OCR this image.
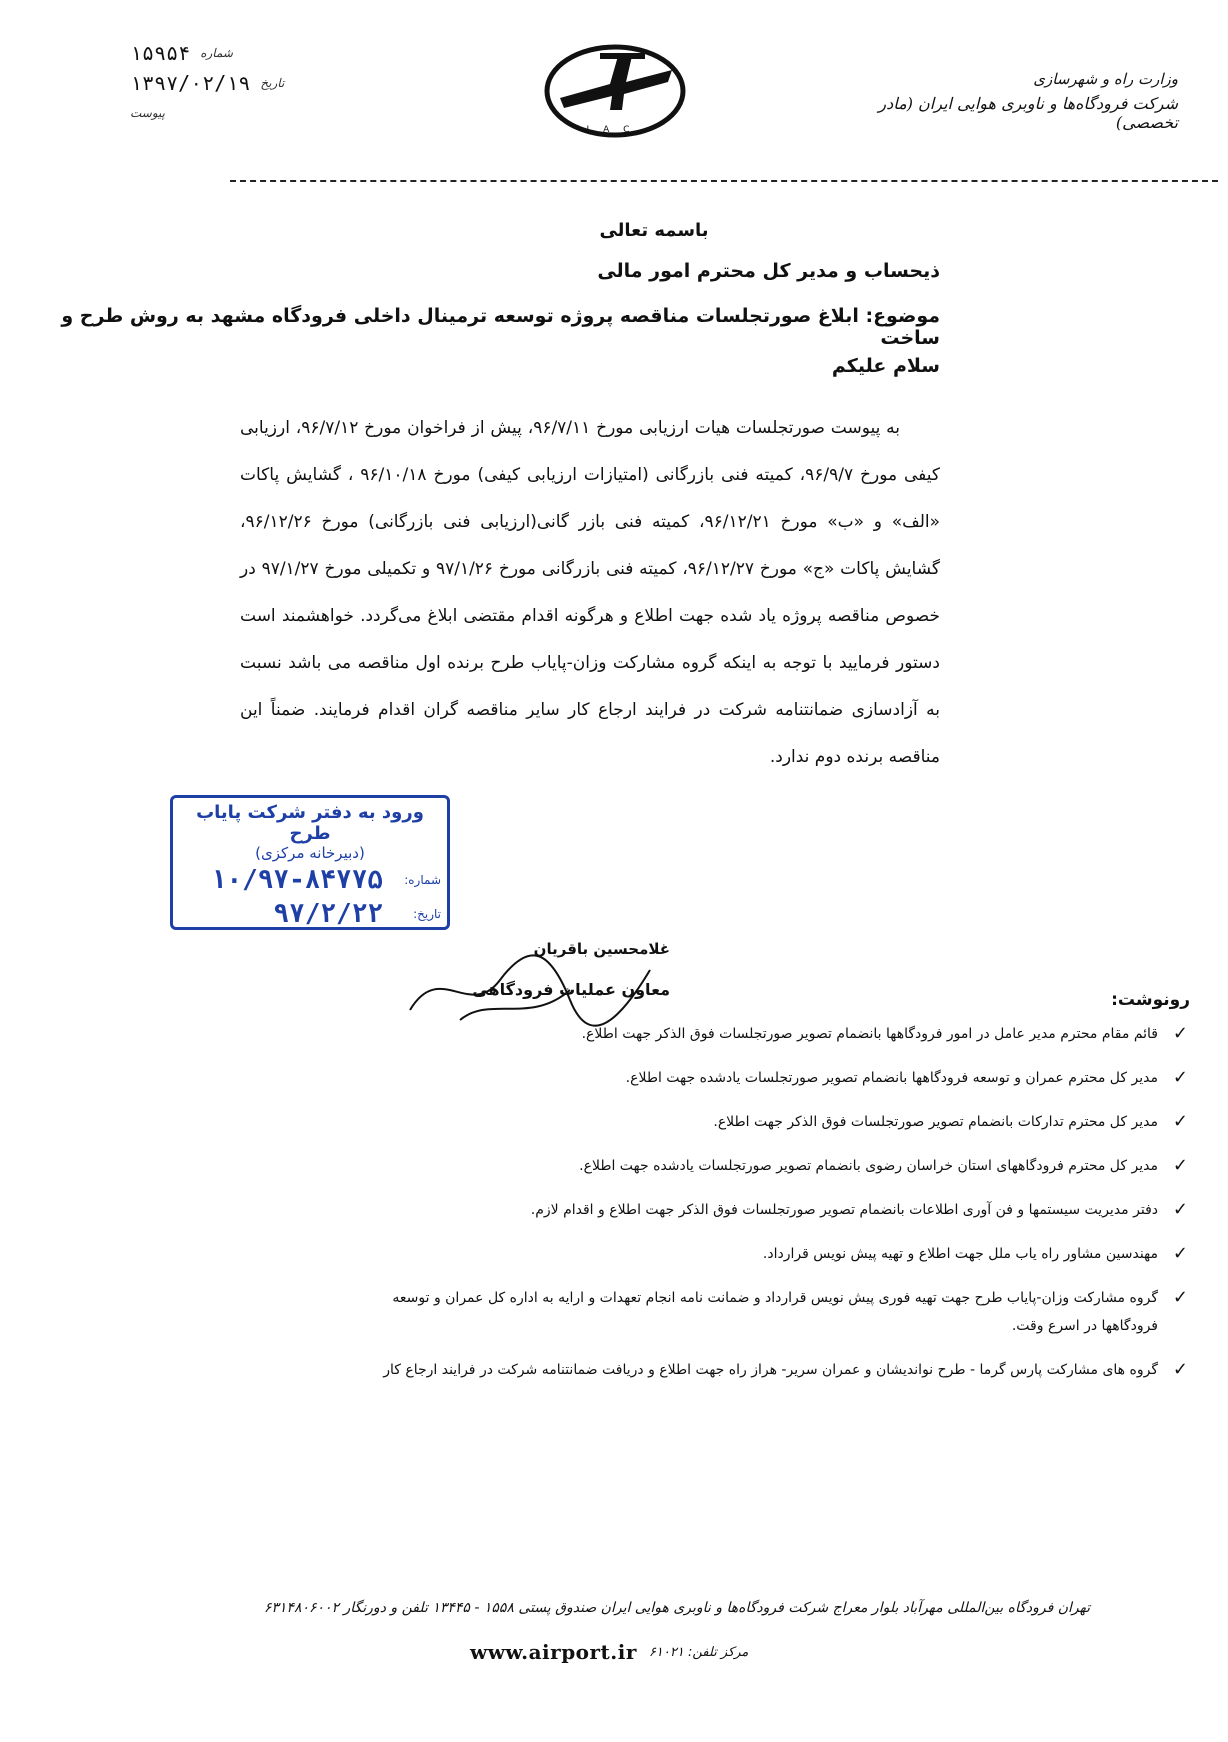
شماره
۱۵۹۵۴
تاریخ
۱۳۹۷/۰۲/۱۹
پیوست
IAC
وزارت راه و شهرسازی
شرکت فرودگاه‌ها و ناوبری هوایی ایران (مادر تخصصی)
باسمه تعالی
ذیحساب و مدیر کل محترم امور مالی
موضوع: ابلاغ صورتجلسات مناقصه پروژه توسعه ترمینال داخلی فرودگاه مشهد به روش طرح و ساخت
سلام علیکم

به پیوست صورتجلسات هیات ارزیابی مورخ ۹۶/۷/۱۱، پیش از فراخوان مورخ ۹۶/۷/۱۲، ارزیابی کیفی مورخ ۹۶/۹/۷، کمیته فنی بازرگانی (امتیازات ارزیابی کیفی) مورخ ۹۶/۱۰/۱۸ ، گشایش پاکات «الف» و «ب» مورخ ۹۶/۱۲/۲۱، کمیته فنی بازر گانی(ارزیابی فنی بازرگانی) مورخ ۹۶/۱۲/۲۶، گشایش پاکات «ج» مورخ ۹۶/۱۲/۲۷، کمیته فنی بازرگانی مورخ ۹۷/۱/۲۶ و تکمیلی مورخ ۹۷/۱/۲۷ در خصوص مناقصه پروژه یاد شده جهت اطلاع و هرگونه اقدام مقتضی ابلاغ می‌گردد. خواهشمند است دستور فرمایید با توجه به اینکه گروه مشارکت وزان-پایاب طرح برنده اول مناقصه می باشد نسبت به آزادسازی ضمانتنامه شرکت در فرایند ارجاع کار سایر مناقصه گران اقدام فرمایند. ضمناً این مناقصه برنده دوم ندارد.

ورود به دفتر شرکت پایاب طرح
(دبیرخانه مرکزی)
شماره:
۱۰/۹۷-۸۴۷۷۵
تاریخ:
۹۷/۲/۲۲
غلامحسین باقریان
معاون عملیات فرودگاهی
رونوشت:
✓
قائم مقام محترم مدیر عامل در امور فرودگاهها بانضمام تصویر صورتجلسات فوق الذکر جهت اطلاع.
✓
مدیر کل محترم عمران و توسعه فرودگاهها بانضمام تصویر صورتجلسات یادشده جهت اطلاع.
✓
مدیر کل محترم تدارکات بانضمام تصویر صورتجلسات فوق الذکر جهت اطلاع.
✓
مدیر کل محترم فرودگاههای استان خراسان رضوی بانضمام تصویر صورتجلسات یادشده جهت اطلاع.
✓
دفتر مدیریت سیستمها و فن آوری اطلاعات بانضمام تصویر صورتجلسات فوق الذکر جهت اطلاع و اقدام لازم.
✓
مهندسین مشاور راه یاب ملل جهت اطلاع و تهیه پیش نویس قرارداد.
✓
گروه مشارکت وزان-پایاب طرح جهت تهیه فوری پیش نویس قرارداد و ضمانت نامه انجام تعهدات و ارایه به اداره کل عمران و توسعه فرودگاهها در اسرع وقت.
✓
گروه های مشارکت پارس گرما - طرح نواندیشان و عمران سریر- هراز راه جهت اطلاع و دریافت ضمانتنامه شرکت در فرایند ارجاع کار
تهران فرودگاه بین‌المللی مهرآباد بلوار معراج شرکت فرودگاه‌ها و ناوبری هوایی ایران صندوق پستی ۱۵۵۸ - ۱۳۴۴۵ تلفن و دورنگار ۶۳۱۴۸۰۶۰۰۲
www.airport.ir مرکز تلفن: ۶۱۰۲۱
